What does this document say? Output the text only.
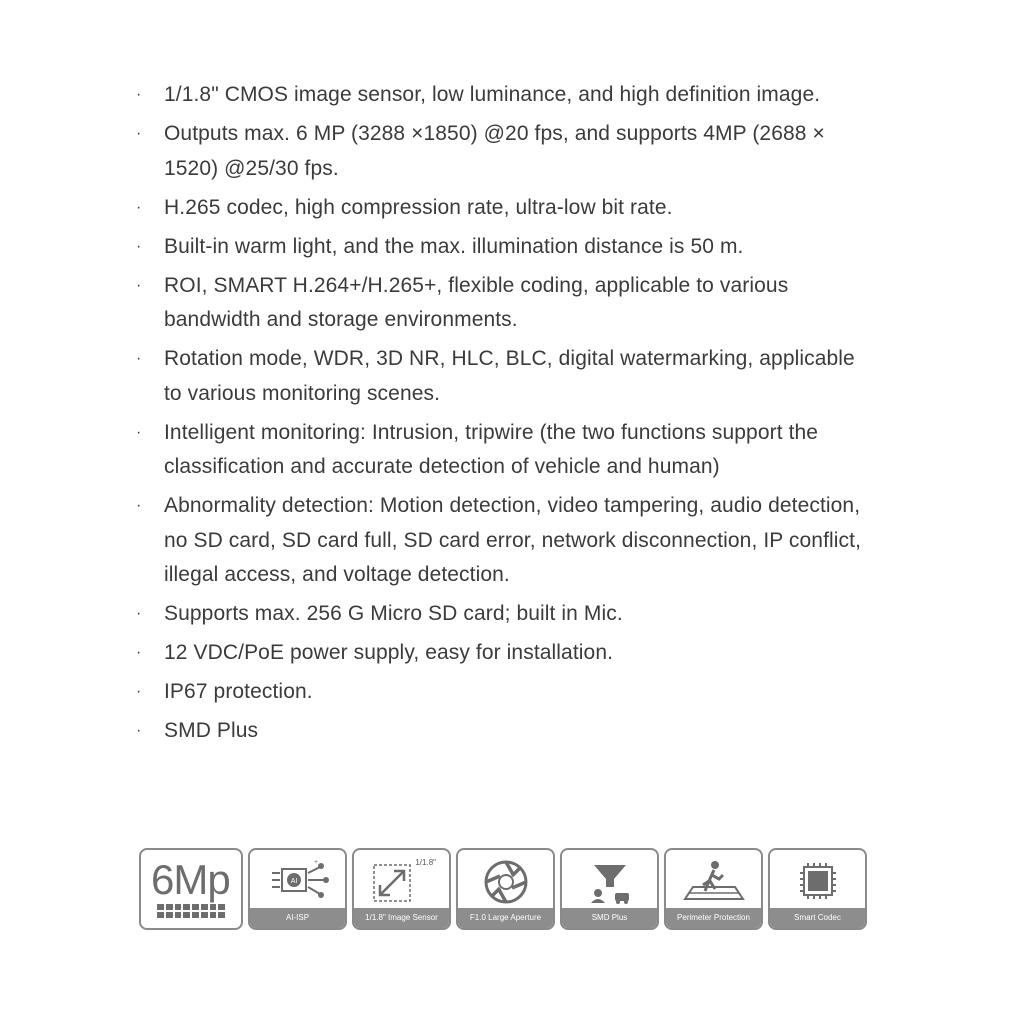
· 1/1.8" CMOS image sensor, low luminance, and high definition image.
· Outputs max. 6 MP (3288 ×1850) @20 fps, and supports 4MP (2688 × 1520) @25/30 fps.
· H.265 codec, high compression rate, ultra-low bit rate.
· Built-in warm light, and the max. illumination distance is 50 m.
· ROI, SMART H.264+/H.265+, flexible coding, applicable to various bandwidth and storage environments.
· Rotation mode, WDR, 3D NR, HLC, BLC, digital watermarking, applicable to various monitoring scenes.
· Intelligent monitoring: Intrusion, tripwire (the two functions support the classification and accurate detection of vehicle and human)
· Abnormality detection: Motion detection, video tampering, audio detection, no SD card, SD card full, SD card error, network disconnection, IP conflict, illegal access, and voltage detection.
· Supports max. 256 G Micro SD card; built in Mic.
· 12 VDC/PoE power supply, easy for installation.
· IP67 protection.
· SMD Plus
6Mp	AI
+
AI-ISP
1/1.8"
1/1.8" Image Sensor	F1.0 Large Aperture	SMD Plus	Perimeter Protection	Smart Codec
